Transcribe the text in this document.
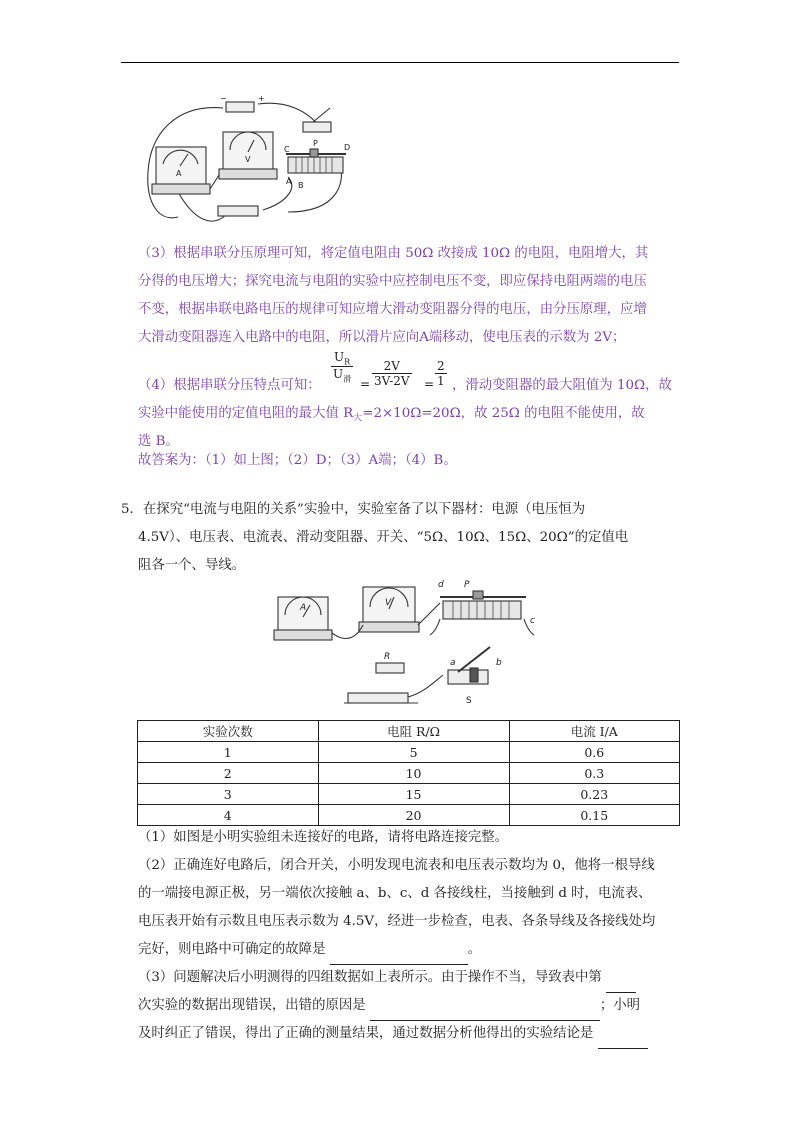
−	+
A
V
C
P	D
A B
（3）根据串联分压原理可知，将定值电阻由 50Ω 改接成 10Ω 的电阻，电阻增大，其
分得的电压增大；探究电流与电阻的实验中应控制电压不变，即应保持电阻两端的电压
不变，根据串联电路电压的规律可知应增大滑动变阻器分得的电压，由分压原理，应增
大滑动变阻器连入电路中的电阻，所以滑片应向A端移动，使电压表的示数为 2V；
$U_R$
$U_滑 \frac{2V}{3V-2V}$
=	= $\frac{2}{1}$
（4）根据串联分压特点可知：	，滑动变阻器的最大阻值为 10Ω，故
实验中能使用的定值电阻的最大值 $R_大=2\times 10\Omega=20\Omega$，故 25Ω 的电阻不能使用，故
选 B。
故答案为：（1）如上图；（2）D；（3）A端；（4）B。
5．在探究“电流与电阻的关系”实验中，实验室备了以下器材：电源（电压恒为
4.5V）、电压表、电流表、滑动变阻器、开关、“5Ω、10Ω、15Ω、20Ω”的定值电
阻各一个、导线。
A	V
d P
c
R
a	b
S
实验次数	电阻 R/Ω	电流 I/A
1	5	0.6
2	10	0.3
3	15	0.23
4	20	0.15
（1）如图是小明实验组未连接好的电路，请将电路连接完整。
（2）正确连好电路后，闭合开关，小明发现电流表和电压表示数均为 0，他将一根导线
的一端接电源正极，另一端依次接触 a、b、c、d 各接线柱，当接触到 d 时，电流表、
电压表开始有示数且电压表示数为 4.5V，经进一步检查，电表、各条导线及各接线处均
完好，则电路中可确定的故障是	。
（3）问题解决后小明测得的四组数据如上表所示。由于操作不当，导致表中第
次实验的数据出现错误，出错的原因是	；小明
及时纠正了错误，得出了正确的测量结果，通过数据分析他得出的实验结论是
